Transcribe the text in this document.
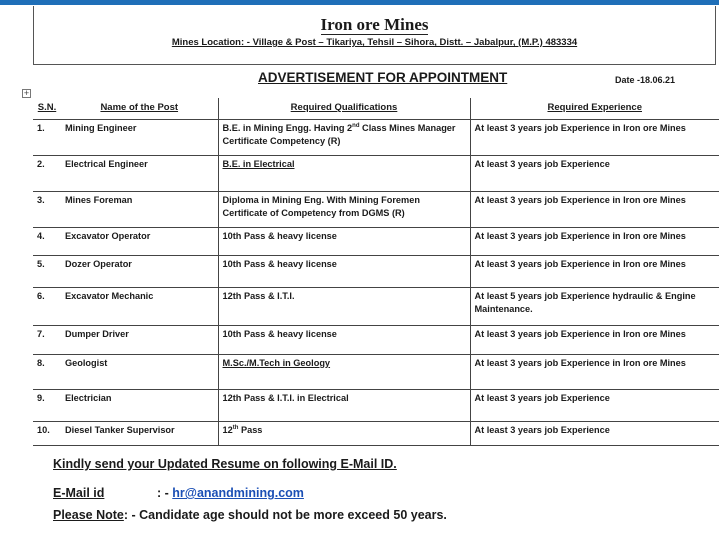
Iron ore Mines
Mines Location: - Village & Post – Tikariya, Tehsil – Sihora, Distt. – Jabalpur, (M.P.) 483334
ADVERTISEMENT FOR APPOINTMENT	Date -18.06.21
+
S.N.	Name of the Post	Required Qualifications	Required Experience
1.	Mining Engineer	B.E. in Mining Engg. Having 2nd Class Mines Manager Certificate Competency (R)	At least 3 years job Experience in Iron ore Mines
2.	Electrical Engineer	B.E. in Electrical	At least 3 years job Experience
3.	Mines Foreman	Diploma in Mining Eng. With Mining Foremen Certificate of Competency from DGMS (R)	At least 3 years job Experience in Iron ore Mines
4.	Excavator Operator	10th Pass & heavy license	At least 3 years job Experience in Iron ore Mines
5.	Dozer Operator	10th Pass & heavy license	At least 3 years job Experience in Iron ore Mines
6.	Excavator Mechanic	12th Pass & I.T.I.	At least 5 years job Experience hydraulic & Engine Maintenance.
7.	Dumper Driver	10th Pass & heavy license	At least 3 years job Experience in Iron ore Mines
8.	Geologist	M.Sc./M.Tech in Geology	At least 3 years job Experience in Iron ore Mines
9.	Electrician	12th Pass & I.T.I. in Electrical	At least 3 years job Experience
10.	Diesel Tanker Supervisor	12th Pass	At least 3 years job Experience
Kindly send your Updated Resume on following E-Mail ID.
E-Mail id	: - hr@anandmining.com
Please Note: - Candidate age should not be more exceed 50 years.
